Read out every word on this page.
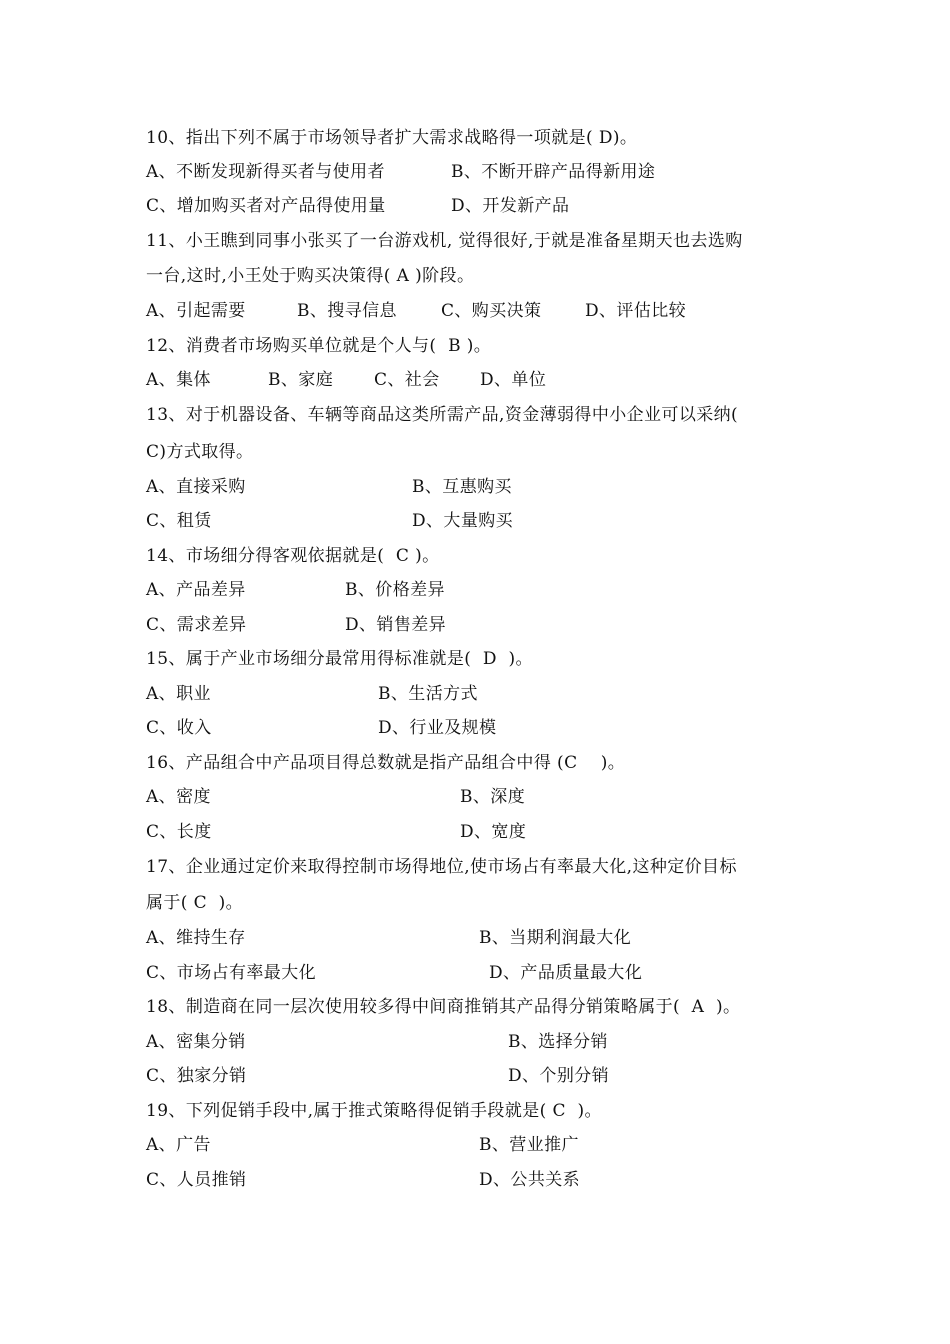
10、指出下列不属于市场领导者扩大需求战略得一项就是( D)。
A、不断发现新得买者与使用者	B、不断开辟产品得新用途
C、增加购买者对产品得使用量	D、开发新产品
11、小王瞧到同事小张买了一台游戏机, 觉得很好,于就是准备星期天也去选购
一台,这时,小王处于购买决策得( A )阶段。
A、引起需要	B、搜寻信息	C、购买决策	D、评估比较
12、消费者市场购买单位就是个人与(  B )。
A、集体	B、家庭 C、社会 D、单位
13、对于机器设备、车辆等商品这类所需产品,资金薄弱得中小企业可以采纳(
C)方式取得。
A、直接采购	B、互惠购买
C、租赁	D、大量购买
14、市场细分得客观依据就是(  C )。
A、产品差异	B、价格差异
C、需求差异	D、销售差异
15、属于产业市场细分最常用得标准就是(  D  )。
A、职业	B、生活方式
C、收入	D、行业及规模
16、产品组合中产品项目得总数就是指产品组合中得 (C    )。
A、密度	B、深度
C、长度	D、宽度
17、企业通过定价来取得控制市场得地位,使市场占有率最大化,这种定价目标
属于( C  )。
A、维持生存	B、当期利润最大化
C、市场占有率最大化	D、产品质量最大化
18、制造商在同一层次使用较多得中间商推销其产品得分销策略属于(  A  )。
A、密集分销	B、选择分销
C、独家分销	D、个别分销
19、下列促销手段中,属于推式策略得促销手段就是( C  )。
A、广告	B、营业推广
C、人员推销	D、公共关系
